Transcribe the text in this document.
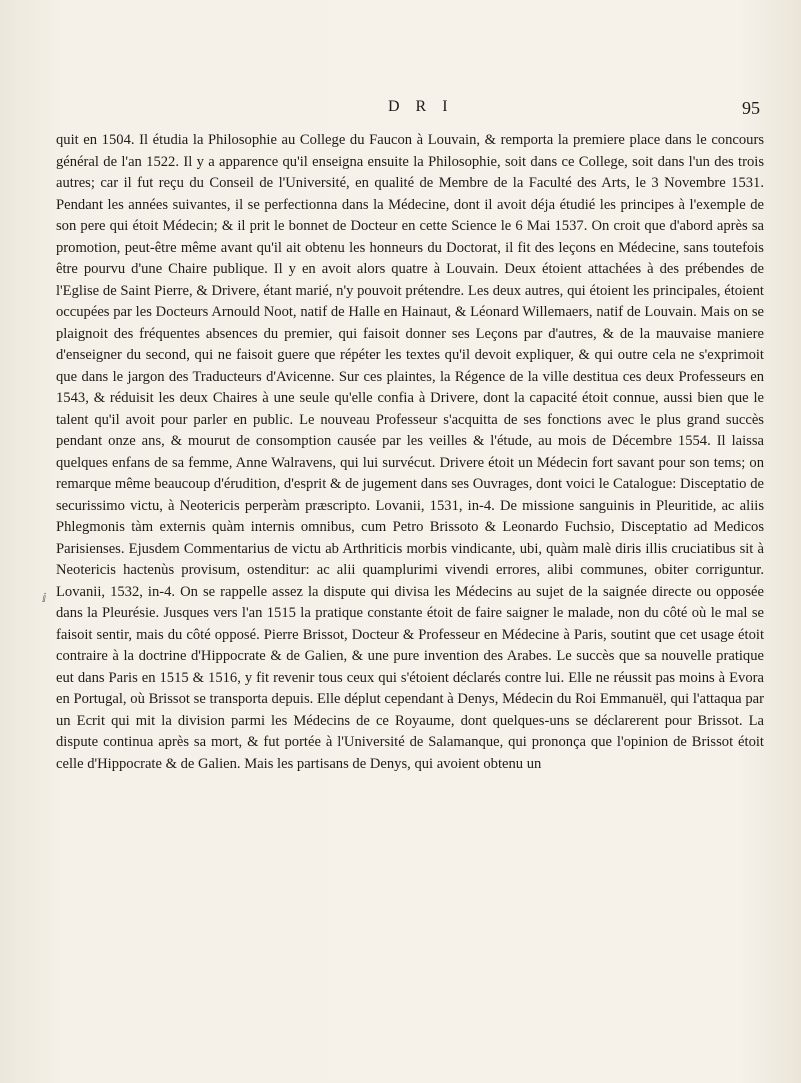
D R I	95

quit en 1504. Il étudia la Philosophie au College du Faucon à Louvain, & remporta la premiere place dans le concours général de l'an 1522. Il y a apparence qu'il enseigna ensuite la Philosophie, soit dans ce College, soit dans l'un des trois autres; car il fut reçu du Conseil de l'Université, en qualité de Membre de la Faculté des Arts, le 3 Novembre 1531. Pendant les années suivantes, il se perfectionna dans la Médecine, dont il avoit déja étudié les principes à l'exemple de son pere qui étoit Médecin; & il prit le bonnet de Docteur en cette Science le 6 Mai 1537. On croit que d'abord après sa promotion, peut-être même avant qu'il ait obtenu les honneurs du Doctorat, il fit des leçons en Médecine, sans toutefois être pourvu d'une Chaire publique. Il y en avoit alors quatre à Louvain. Deux étoient attachées à des prébendes de l'Eglise de Saint Pierre, & Drivere, étant marié, n'y pouvoit prétendre. Les deux autres, qui étoient les principales, étoient occupées par les Docteurs Arnould Noot, natif de Halle en Hainaut, & Léonard Willemaers, natif de Louvain. Mais on se plaignoit des fréquentes absences du premier, qui faisoit donner ses Leçons par d'autres, & de la mauvaise maniere d'enseigner du second, qui ne faisoit guere que répéter les textes qu'il devoit expliquer, & qui outre cela ne s'exprimoit que dans le jargon des Traducteurs d'Avicenne. Sur ces plaintes, la Régence de la ville destitua ces deux Professeurs en 1543, & réduisit les deux Chaires à une seule qu'elle confia à Drivere, dont la capacité étoit connue, aussi bien que le talent qu'il avoit pour parler en public. Le nouveau Professeur s'acquitta de ses fonctions avec le plus grand succès pendant onze ans, & mourut de consomption causée par les veilles & l'étude, au mois de Décembre 1554. Il laissa quelques enfans de sa femme, Anne Walravens, qui lui survécut. Drivere étoit un Médecin fort savant pour son tems; on remarque même beaucoup d'érudition, d'esprit & de jugement dans ses Ouvrages, dont voici le Catalogue: Disceptatio de securissimo victu, à Neotericis perperàm præscripto. Lovanii, 1531, in-4. De missione sanguinis in Pleuritide, ac aliis Phlegmonis tàm externis quàm internis omnibus, cum Petro Brissoto & Leonardo Fuchsio, Disceptatio ad Medicos Parisienses. Ejusdem Commentarius de victu ab Arthriticis morbis vindicante, ubi, quàm malè diris illis cruciatibus sit à Neotericis hactenùs provisum, ostenditur: ac alii quamplurimi vivendi errores, alibi communes, obiter corriguntur. Lovanii, 1532, in-4. On se rappelle assez la dispute qui divisa les Médecins au sujet de la saignée directe ou opposée dans la Pleurésie. Jusques vers l'an 1515 la pratique constante étoit de faire saigner le malade, non du côté où le mal se faisoit sentir, mais du côté opposé. Pierre Brissot, Docteur & Professeur en Médecine à Paris, soutint que cet usage étoit contraire à la doctrine d'Hippocrate & de Galien, & une pure invention des Arabes. Le succès que sa nouvelle pratique eut dans Paris en 1515 & 1516, y fit revenir tous ceux qui s'étoient déclarés contre lui. Elle ne réussit pas moins à Evora en Portugal, où Brissot se transporta depuis. Elle déplut cependant à Denys, Médecin du Roi Emmanuël, qui l'attaqua par un Ecrit qui mit la division parmi les Médecins de ce Royaume, dont quelques-uns se déclarerent pour Brissot. La dispute continua après sa mort, & fut portée à l'Université de Salamanque, qui prononça que l'opinion de Brissot étoit celle d'Hippocrate & de Galien. Mais les partisans de Denys, qui avoient obtenu un

ⅈ
